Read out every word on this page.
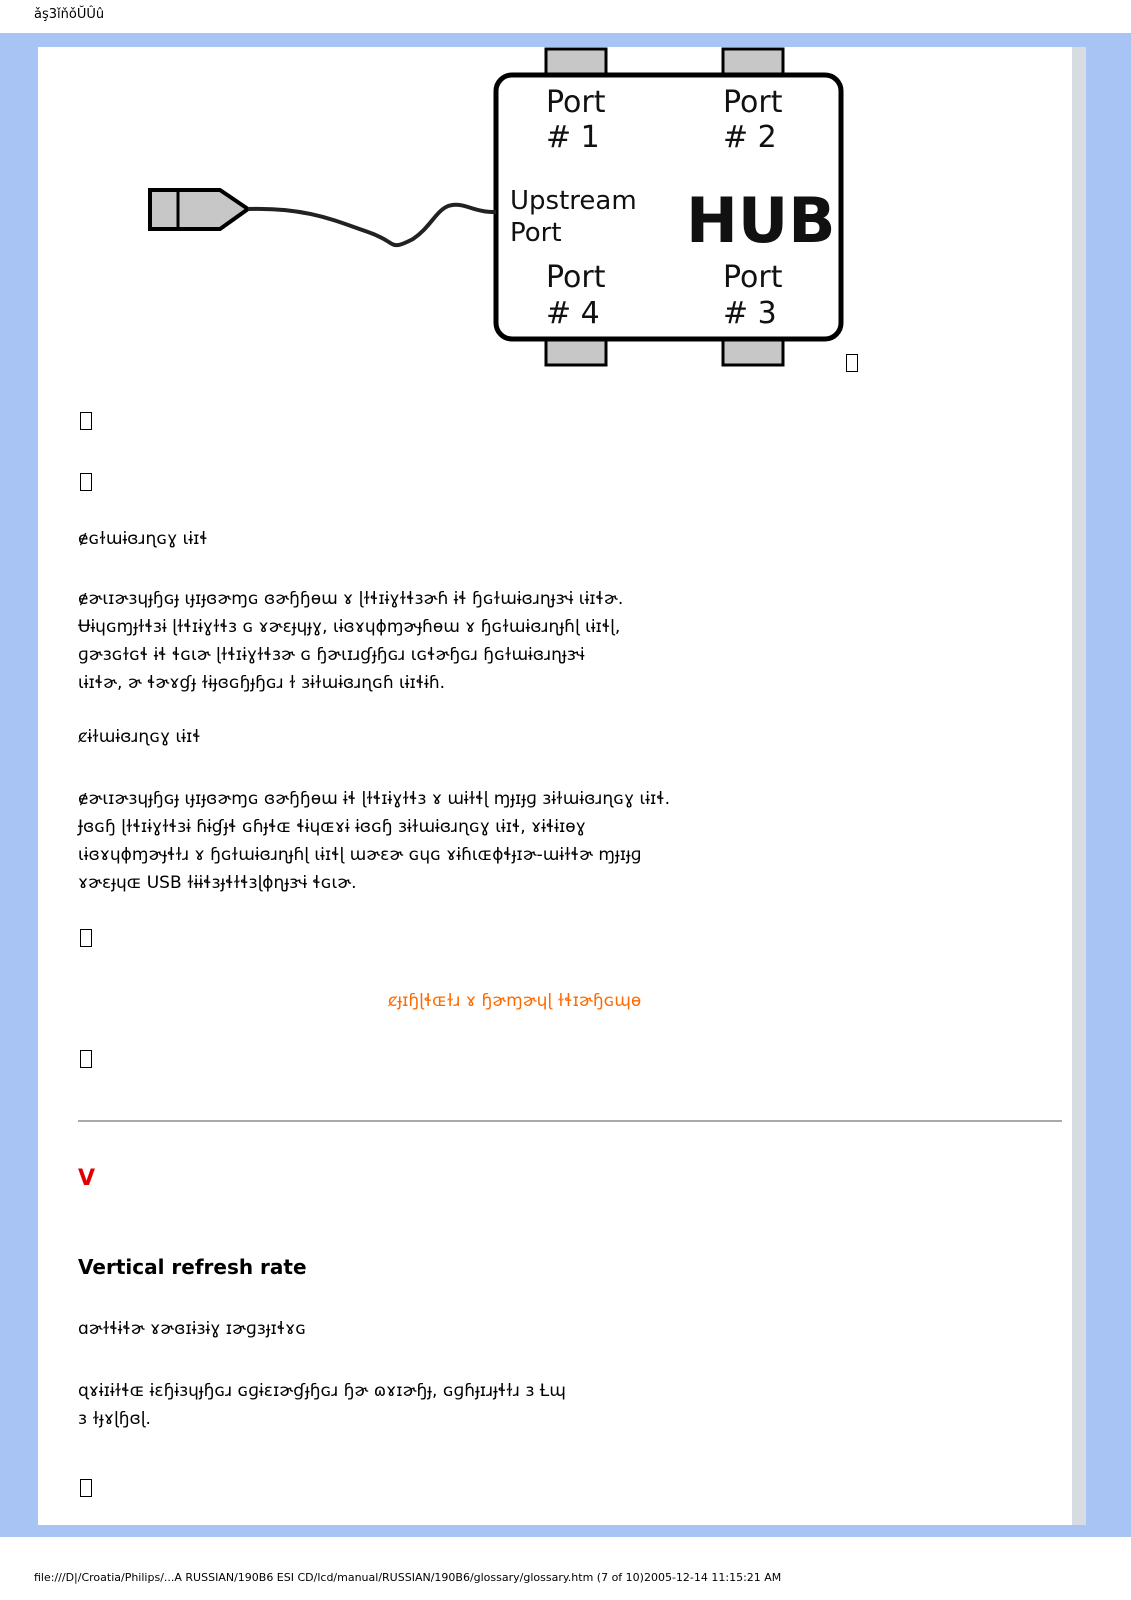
ǎş3ǐňǒŬÛû
Port
# 1
Port
# 2
Upstream
Port HUB
Port
# 4
Port
# 3
ɇɢɫɯɨɞɹɳɢɣ ɩɨɪɬ
ɇɚɩɪɚɜɥɟɧɢɟ ɩɟɪɟɞɚɱɢ ɞɚɧɧɵɯ ɤ ɭɫɬɪɨɣɫɬɜɚɦ ɨɬ ɧɢɫɯɨɞɹɳɟɝɨ ɩɨɪɬɚ.
Ʉɨɥɢɱɟɫɬɜɨ ɭɫɬɪɨɣɫɬɜ ɢ ɤɚɛɟɥɟɣ, ɩɨɞɤɥɸɱɚɟɦɵɯ ɤ ɧɢɫɯɨɞɹɳɟɦɭ ɩɨɪɬɭ,
ɡɚɜɢɫɢɬ ɨɬ ɬɢɩɚ ɭɫɬɪɨɣɫɬɜɚ ɢ ɧɚɩɪɹɠɟɧɢɹ ɩɢɬɚɧɢɹ ɧɢɫɯɨɞɹɳɟɝɨ
ɩɨɪɬɚ, ɚ ɬɚɤɠɟ ɫɨɟɞɢɧɟɧɢɹ ɫ ɜɨɫɯɨɞɹɳɢɦ ɩɨɪɬɨɦ.
ȼɨɫɯɨɞɹɳɢɣ ɩɨɪɬ
ɇɚɩɪɚɜɥɟɧɢɟ ɩɟɪɟɞɚɱɢ ɞɚɧɧɵɯ ɨɬ ɭɫɬɪɨɣɫɬɜ ɤ ɯɨɫɬɭ ɱɟɪɟɡ ɜɨɫɯɨɞɹɳɢɣ ɩɨɪɬ.
Ɉɞɢɧ ɭɫɬɪɨɣɫɬɜɨ ɦɨɠɟɬ ɢɦɟɬɶ ɬɨɥɶɤɨ ɨɞɢɧ ɜɨɫɯɨɞɹɳɢɣ ɩɨɪɬ, ɤɨɬɨɪɵɣ
ɩɨɞɤɥɸɱɚɟɬɫɹ ɤ ɧɢɫɯɨɞɹɳɟɦɭ ɩɨɪɬɭ ɯɚɛɚ ɢɥɢ ɤɨɦɩɶɸɬɟɪɚ-ɯɨɫɬɚ ɱɟɪɟɡ
ɤɚɛɟɥɶ USB ɫɨɨɬɜɟɬɫɬɜɭɸɳɟɝɨ ɬɢɩɚ.
ȼɟɪɧɭɬɶɫɹ ɤ ɧɚɱɚɥɭ ɫɬɪɚɧɢɰɵ
V
Vertical refresh rate
ɑɚɫɬɨɬɚ ɤɚɞɪɨɜɨɣ ɪɚɡɜɟɪɬɤɢ
ɋɤɨɪɨɫɬɶ ɨɛɧɨɜɥɟɧɢɹ ɢɡɨɛɪɚɠɟɧɢɹ ɧɚ ɷɤɪɚɧɟ, ɢɡɦɟɪɹɟɬɫɹ ɜ Ƚɰ
ɜ ɫɟɤɭɧɞɭ.
file:///D|/Croatia/Philips/...A RUSSIAN/190B6 ESI CD/lcd/manual/RUSSIAN/190B6/glossary/glossary.htm (7 of 10)2005-12-14 11:15:21 AM
